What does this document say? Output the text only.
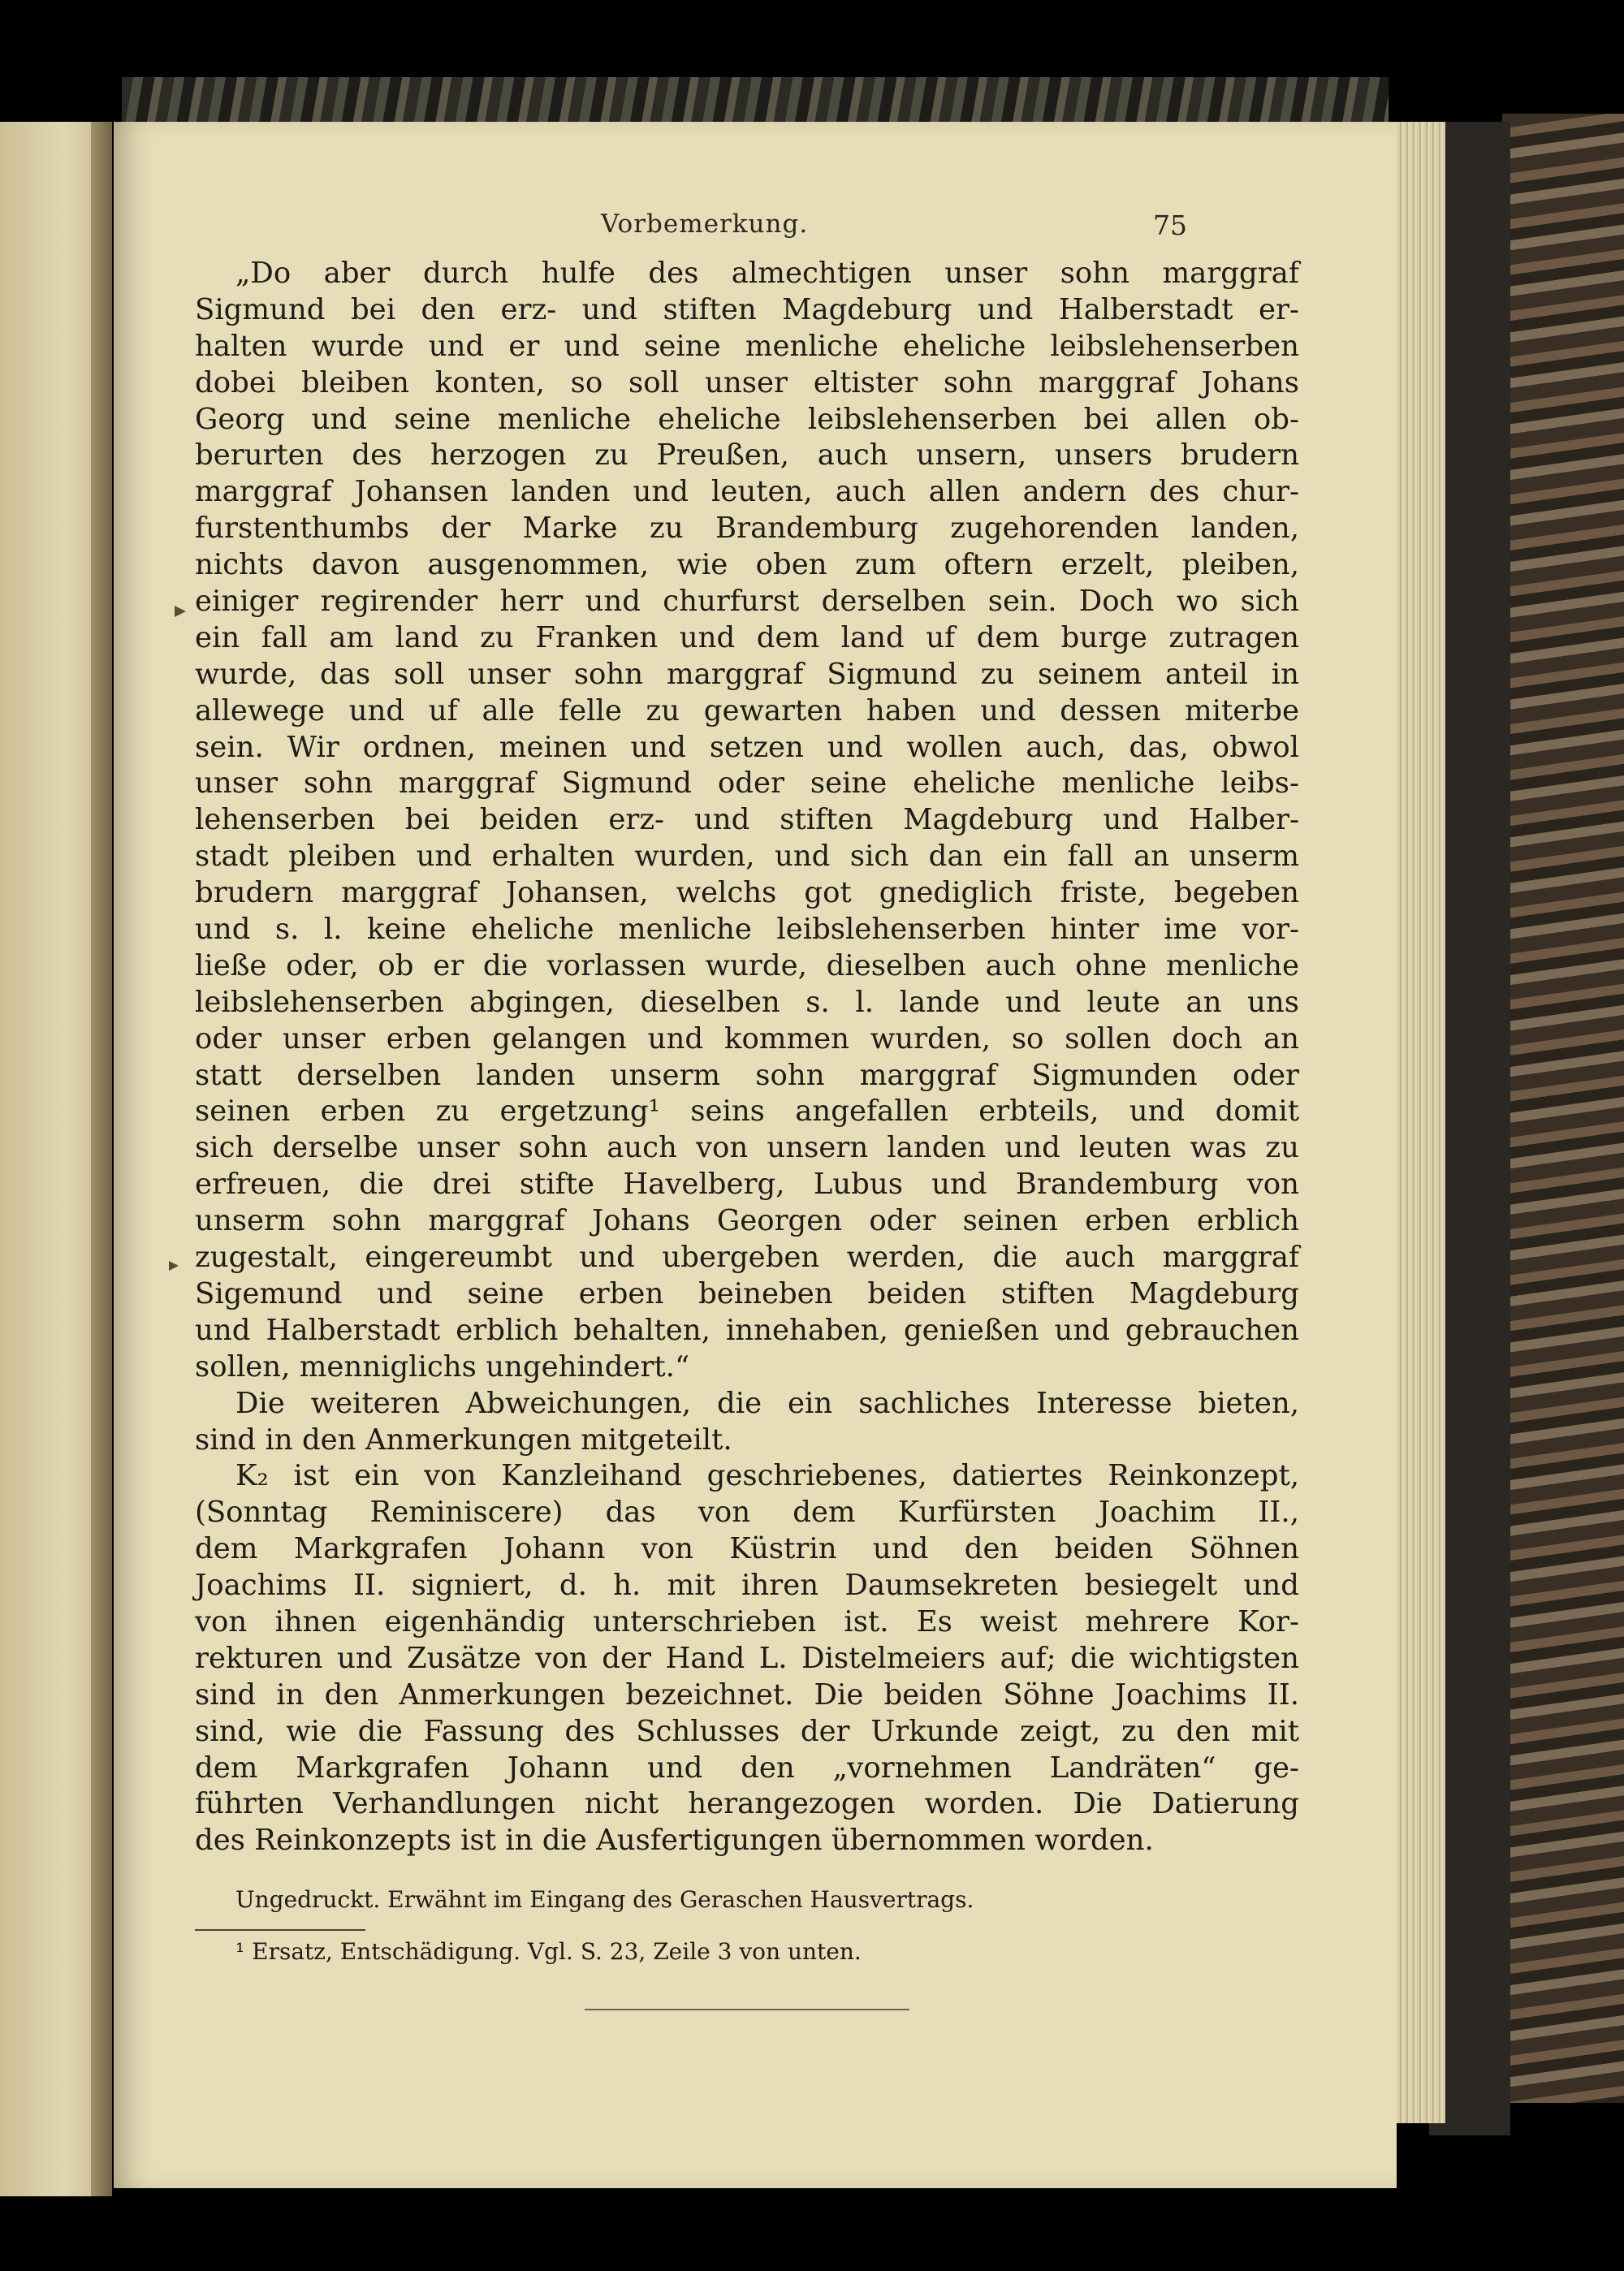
Vorbemerkung.	75
„Do aber durch hulfe des almechtigen unser sohn marggraf
Sigmund bei den erz- und stiften Magdeburg und Halberstadt er-
halten wurde und er und seine menliche eheliche leibslehenserben
dobei bleiben konten, so soll unser eltister sohn marggraf Johans
Georg und seine menliche eheliche leibslehenserben bei allen ob-
berurten des herzogen zu Preußen, auch unsern, unsers brudern
marggraf Johansen landen und leuten, auch allen andern des chur-
furstenthumbs der Marke zu Brandemburg zugehorenden landen,
nichts davon ausgenommen, wie oben zum oftern erzelt, pleiben,
einiger regirender herr und churfurst derselben sein. Doch wo sich
ein fall am land zu Franken und dem land uf dem burge zutragen
wurde, das soll unser sohn marggraf Sigmund zu seinem anteil in
allewege und uf alle felle zu gewarten haben und dessen miterbe
sein. Wir ordnen, meinen und setzen und wollen auch, das, obwol
unser sohn marggraf Sigmund oder seine eheliche menliche leibs-
lehenserben bei beiden erz- und stiften Magdeburg und Halber-
stadt pleiben und erhalten wurden, und sich dan ein fall an unserm
brudern marggraf Johansen, welchs got gnediglich friste, begeben
und s. l. keine eheliche menliche leibslehenserben hinter ime vor-
ließe oder, ob er die vorlassen wurde, dieselben auch ohne menliche
leibslehenserben abgingen, dieselben s. l. lande und leute an uns
oder unser erben gelangen und kommen wurden, so sollen doch an
statt derselben landen unserm sohn marggraf Sigmunden oder
seinen erben zu ergetzung¹ seins angefallen erbteils, und domit
sich derselbe unser sohn auch von unsern landen und leuten was zu
erfreuen, die drei stifte Havelberg, Lubus und Brandemburg von
unserm sohn marggraf Johans Georgen oder seinen erben erblich
zugestalt, eingereumbt und ubergeben werden, die auch marggraf
Sigemund und seine erben beineben beiden stiften Magdeburg
und Halberstadt erblich behalten, innehaben, genießen und gebrauchen
sollen, menniglichs ungehindert.“
Die weiteren Abweichungen, die ein sachliches Interesse bieten,
sind in den Anmerkungen mitgeteilt.
K₂ ist ein von Kanzleihand geschriebenes, datiertes Reinkonzept,
(Sonntag Reminiscere) das von dem Kurfürsten Joachim II.,
dem Markgrafen Johann von Küstrin und den beiden Söhnen
Joachims II. signiert, d. h. mit ihren Daumsekreten besiegelt und
von ihnen eigenhändig unterschrieben ist. Es weist mehrere Kor-
rekturen und Zusätze von der Hand L. Distelmeiers auf; die wichtigsten
sind in den Anmerkungen bezeichnet. Die beiden Söhne Joachims II.
sind, wie die Fassung des Schlusses der Urkunde zeigt, zu den mit
dem Markgrafen Johann und den „vornehmen Landräten“ ge-
führten Verhandlungen nicht herangezogen worden. Die Datierung
des Reinkonzepts ist in die Ausfertigungen übernommen worden.
Ungedruckt. Erwähnt im Eingang des Geraschen Hausvertrags.
¹ Ersatz, Entschädigung. Vgl. S. 23, Zeile 3 von unten.
